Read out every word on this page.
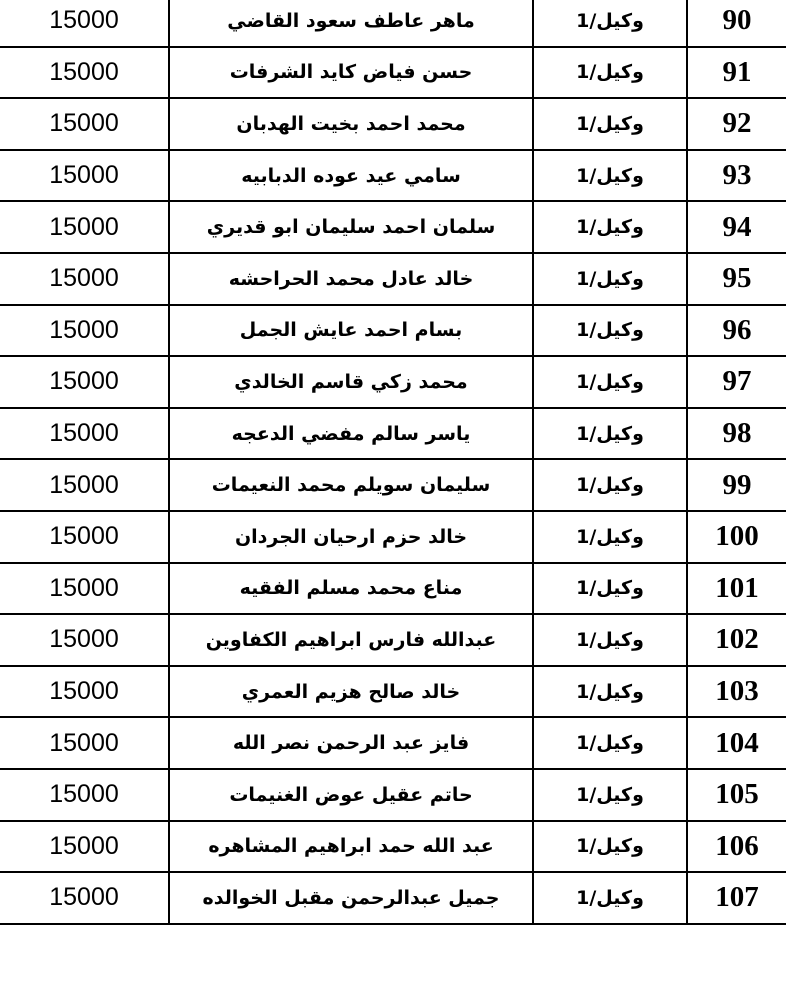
15000	ماهر عاطف سعود القاضي	وكيل/1	90
15000	حسن فياض كايد الشرفات	وكيل/1	91
15000	محمد احمد بخيت الهدبان	وكيل/1	92
15000	سامي عيد عوده الدبابيه	وكيل/1	93
15000	سلمان احمد سليمان ابو قديري	وكيل/1	94
15000	خالد عادل محمد الحراحشه	وكيل/1	95
15000	بسام احمد عايش الجمل	وكيل/1	96
15000	محمد زكي قاسم الخالدي	وكيل/1	97
15000	ياسر سالم مفضي الدعجه	وكيل/1	98
15000	سليمان سويلم محمد النعيمات	وكيل/1	99
15000	خالد حزم ارحيان الجردان	وكيل/1	100
15000	مناع محمد مسلم الفقيه	وكيل/1	101
15000	عبدالله فارس ابراهيم الكفاوين	وكيل/1	102
15000	خالد صالح هزيم العمري	وكيل/1	103
15000	فايز عبد الرحمن نصر الله	وكيل/1	104
15000	حاتم عقيل عوض الغنيمات	وكيل/1	105
15000	عبد الله حمد ابراهيم المشاهره	وكيل/1	106
15000	جميل عبدالرحمن مقبل الخوالده	وكيل/1	107
